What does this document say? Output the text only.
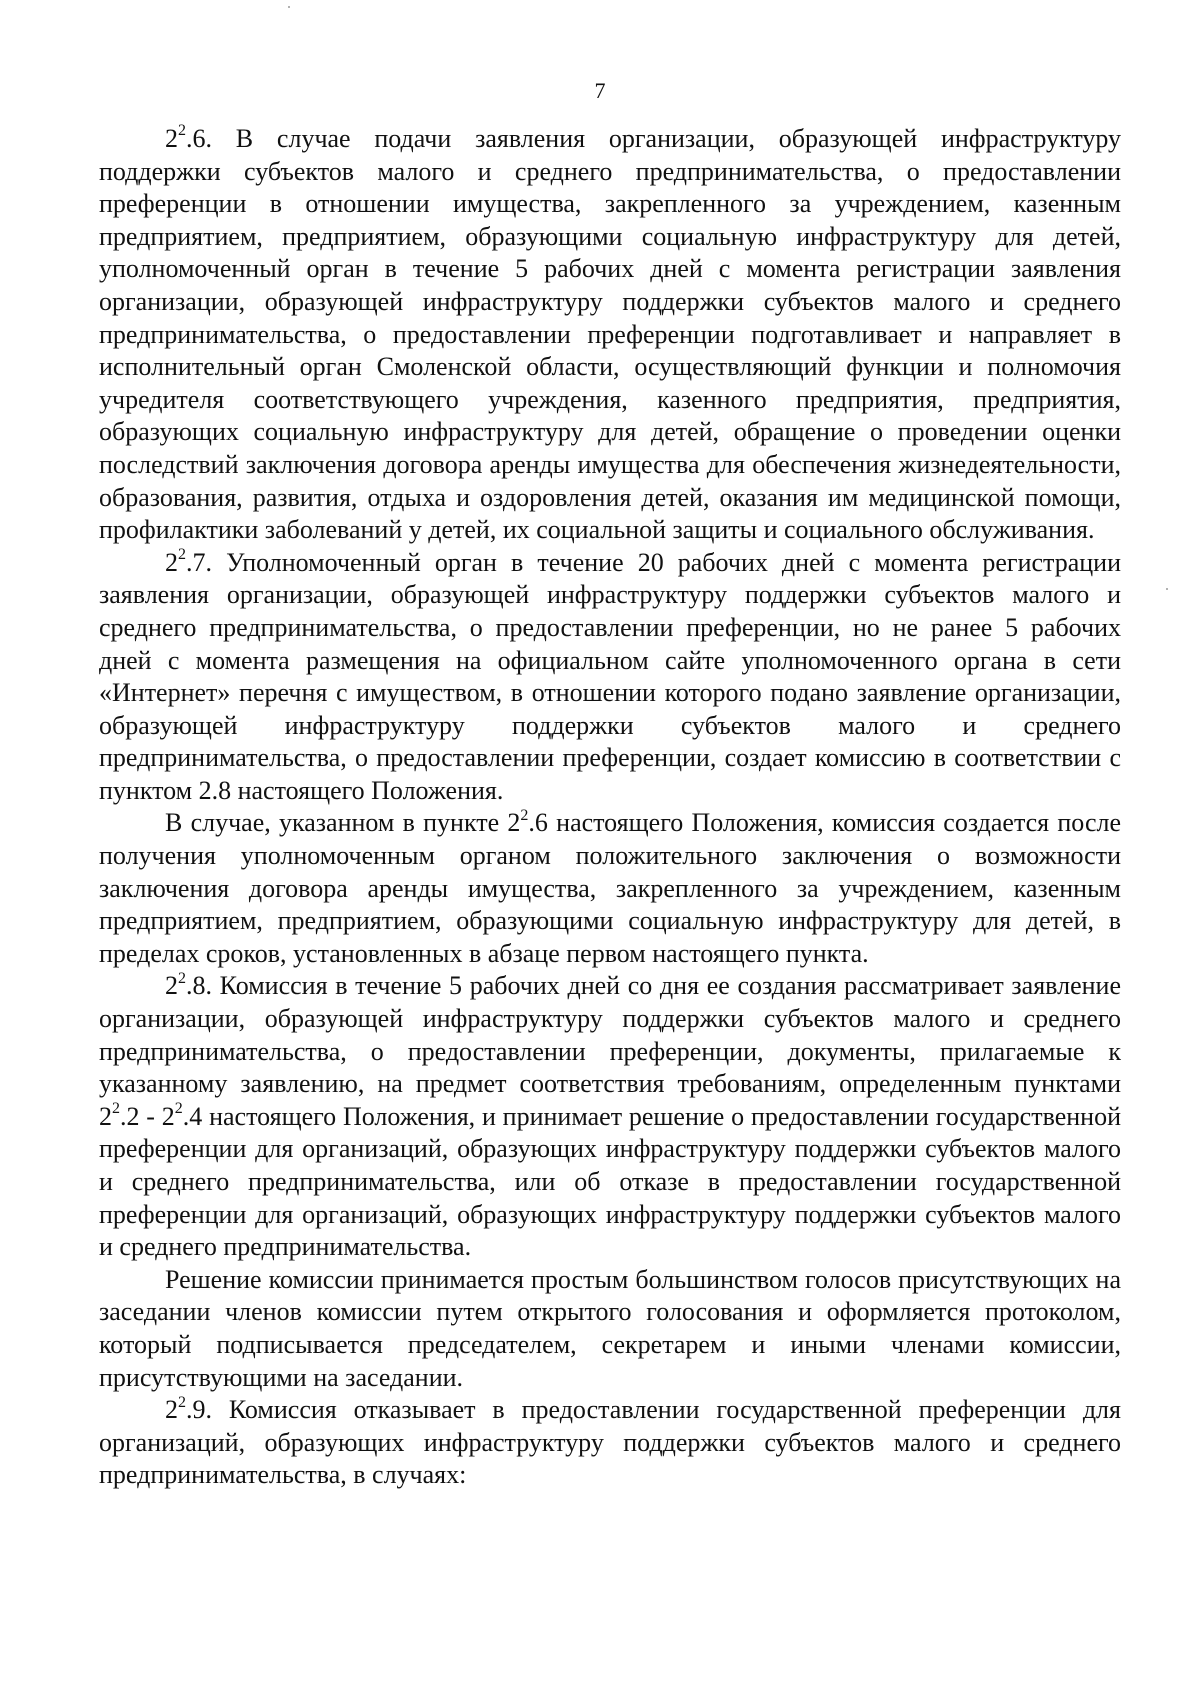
7

$2^2.6$. В случае подачи заявления организации, образующей инфраструктуру поддержки субъектов малого и среднего предпринимательства, о предоставлении преференции в отношении имущества, закрепленного за учреждением, казенным предприятием, предприятием, образующими социальную инфраструктуру для детей, уполномоченный орган в течение 5 рабочих дней с момента регистрации заявления организации, образующей инфраструктуру поддержки субъектов малого и среднего предпринимательства, о предоставлении преференции подготавливает и направляет в исполнительный орган Смоленской области, осуществляющий функции и полномочия учредителя соответствующего учреждения, казенного предприятия, предприятия, образующих социальную инфраструктуру для детей, обращение о проведении оценки последствий заключения договора аренды имущества для обеспечения жизнедеятельности, образования, развития, отдыха и оздоровления детей, оказания им медицинской помощи, профилактики заболеваний у детей, их социальной защиты и социального обслуживания.

$2^2.7$. Уполномоченный орган в течение 20 рабочих дней с момента регистрации заявления организации, образующей инфраструктуру поддержки субъектов малого и среднего предпринимательства, о предоставлении преференции, но не ранее 5 рабочих дней с момента размещения на официальном сайте уполномоченного органа в сети «Интернет» перечня с имуществом, в отношении которого подано заявление организации, образующей инфраструктуру поддержки субъектов малого и среднего предпринимательства, о предоставлении преференции, создает комиссию в соответствии с пунктом 2.8 настоящего Положения.

В случае, указанном в пункте $2^2.6$ настоящего Положения, комиссия создается после получения уполномоченным органом положительного заключения о возможности заключения договора аренды имущества, закрепленного за учреждением, казенным предприятием, предприятием, образующими социальную инфраструктуру для детей, в пределах сроков, установленных в абзаце первом настоящего пункта.

$2^2.8$. Комиссия в течение 5 рабочих дней со дня ее создания рассматривает заявление организации, образующей инфраструктуру поддержки субъектов малого и среднего предпринимательства, о предоставлении преференции, документы, прилагаемые к указанному заявлению, на предмет соответствия требованиям, определенным пунктами $2^2.2 - 2^2.4$ настоящего Положения, и принимает решение о предоставлении государственной преференции для организаций, образующих инфраструктуру поддержки субъектов малого и среднего предпринимательства, или об отказе в предоставлении государственной преференции для организаций, образующих инфраструктуру поддержки субъектов малого и среднего предпринимательства.

Решение комиссии принимается простым большинством голосов присутствующих на заседании членов комиссии путем открытого голосования и оформляется протоколом, который подписывается председателем, секретарем и иными членами комиссии, присутствующими на заседании.

$2^2.9$. Комиссия отказывает в предоставлении государственной преференции для организаций, образующих инфраструктуру поддержки субъектов малого и среднего предпринимательства, в случаях:
